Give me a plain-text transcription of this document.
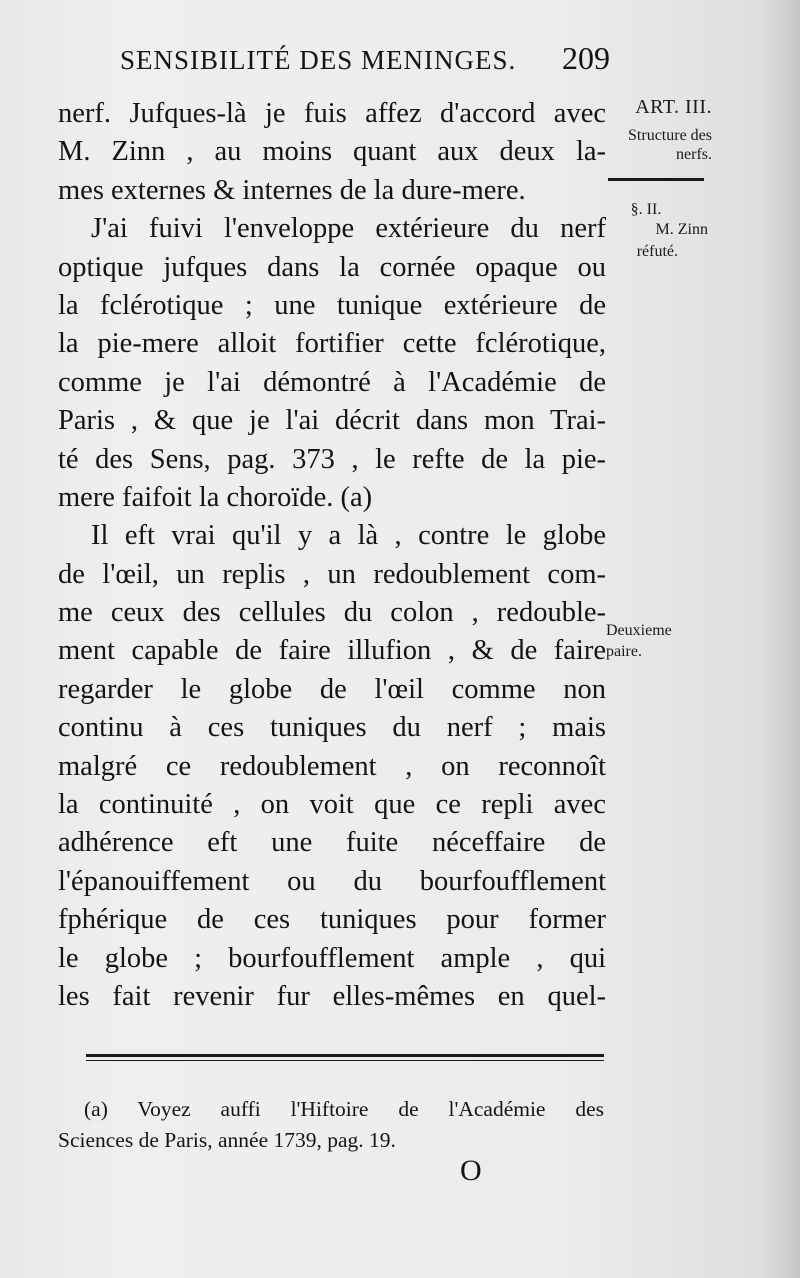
SENSIBILITÉ DES MENINGES. 209
nerf. Jufques-là je fuis affez d'accord avec
M. Zinn , au moins quant aux deux la-
mes externes & internes de la dure-mere.
J'ai fuivi l'enveloppe extérieure du nerf
optique jufques dans la cornée opaque ou
la fclérotique ; une tunique extérieure de
la pie-mere alloit fortifier cette fclérotique,
comme je l'ai démontré à l'Académie de
Paris , & que je l'ai décrit dans mon Trai-
té des Sens, pag. 373 , le refte de la pie-
mere faifoit la choroïde. (a)
Il eft vrai qu'il y a là , contre le globe
de l'œil, un replis , un redoublement com-
me ceux des cellules du colon , redouble-
ment capable de faire illufion , & de faire
regarder le globe de l'œil comme non
continu à ces tuniques du nerf ; mais
malgré ce redoublement , on reconnoît
la continuité , on voit que ce repli avec
adhérence eft une fuite néceffaire de
l'épanouiffement ou du bourfoufflement
fphérique de ces tuniques pour former
le globe ; bourfoufflement ample , qui
les fait revenir fur elles-mêmes en quel-
ART. III.
Structure des nerfs.
§. II.
M. Zinn
réfuté.
Deuxieme paire.
(a) Voyez auffi l'Hiftoire de l'Académie des
Sciences de Paris, année 1739, pag. 19.
O
